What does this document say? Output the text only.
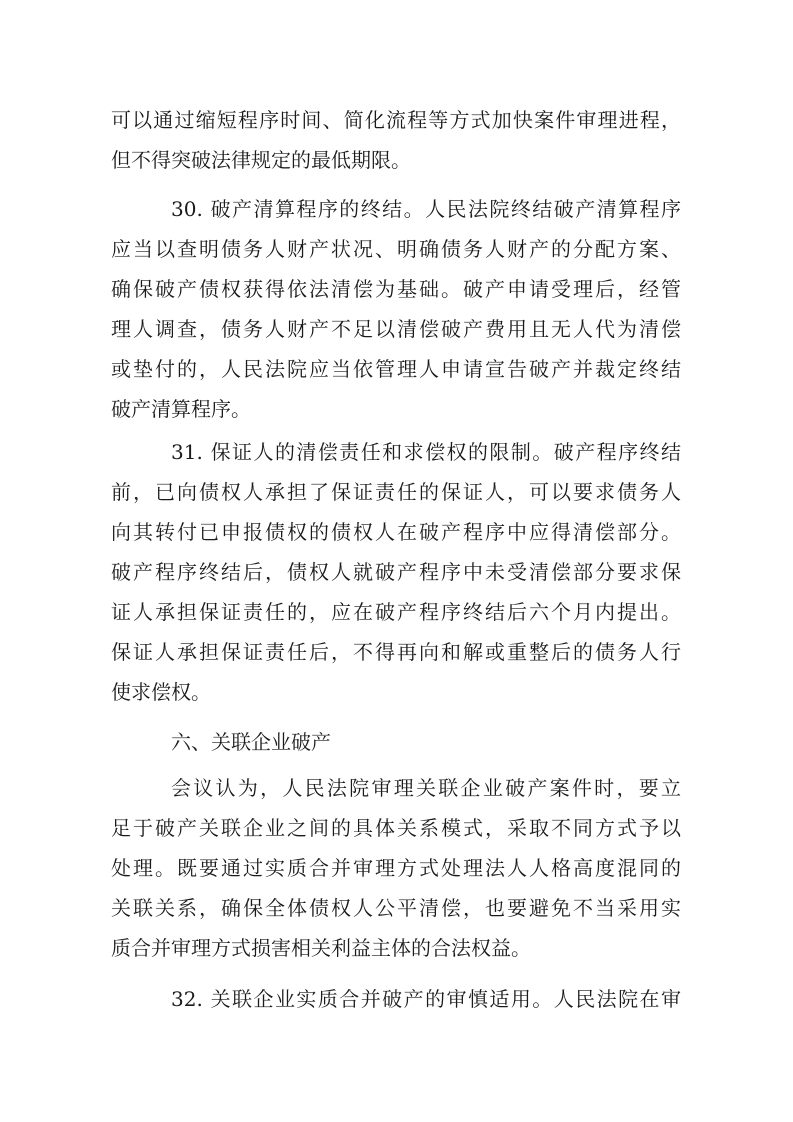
可以通过缩短程序时间、简化流程等方式加快案件审理进程，

但不得突破法律规定的最低期限。

30. 破产清算程序的终结。人民法院终结破产清算程序

应当以查明债务人财产状况、明确债务人财产的分配方案、

确保破产债权获得依法清偿为基础。破产申请受理后，经管

理人调查，债务人财产不足以清偿破产费用且无人代为清偿

或垫付的，人民法院应当依管理人申请宣告破产并裁定终结

破产清算程序。

31. 保证人的清偿责任和求偿权的限制。破产程序终结

前，已向债权人承担了保证责任的保证人，可以要求债务人

向其转付已申报债权的债权人在破产程序中应得清偿部分。

破产程序终结后，债权人就破产程序中未受清偿部分要求保

证人承担保证责任的，应在破产程序终结后六个月内提出。

保证人承担保证责任后，不得再向和解或重整后的债务人行

使求偿权。

六、关联企业破产

会议认为，人民法院审理关联企业破产案件时，要立

足于破产关联企业之间的具体关系模式，采取不同方式予以

处理。既要通过实质合并审理方式处理法人人格高度混同的

关联关系，确保全体债权人公平清偿，也要避免不当采用实

质合并审理方式损害相关利益主体的合法权益。

32. 关联企业实质合并破产的审慎适用。人民法院在审
